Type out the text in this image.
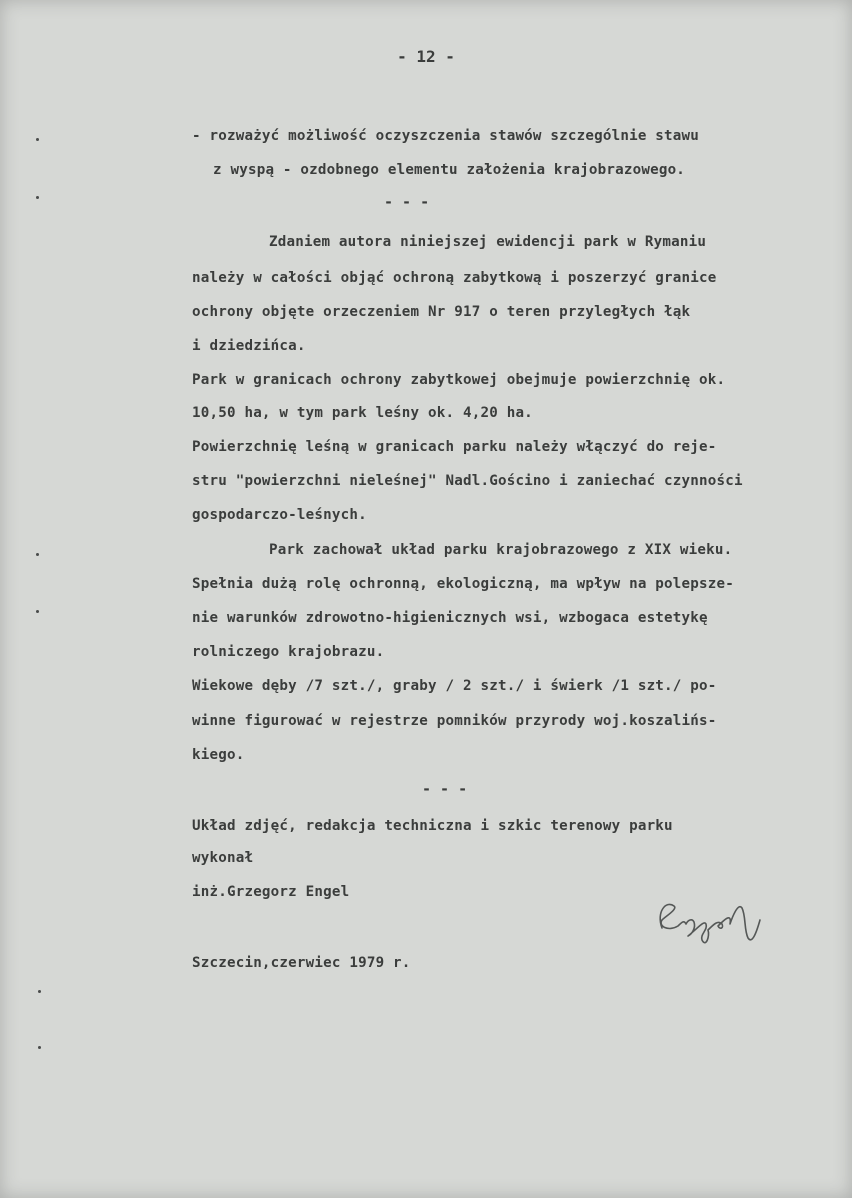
- 12 -
- rozważyć możliwość oczyszczenia stawów szczególnie stawu
z wyspą - ozdobnego elementu założenia krajobrazowego.
- - -
Zdaniem autora niniejszej ewidencji park w Rymaniu
należy w całości objąć ochroną zabytkową i poszerzyć granice
ochrony objęte orzeczeniem Nr 917 o teren przyległych łąk
i dziedzińca.
Park w granicach ochrony zabytkowej obejmuje powierzchnię ok.
10,50 ha, w tym park leśny ok. 4,20 ha.
Powierzchnię leśną w granicach parku należy włączyć do reje-
stru "powierzchni nieleśnej" Nadl.Gościno i zaniechać czynności
gospodarczo-leśnych.
Park zachował układ parku krajobrazowego z XIX wieku.
Spełnia dużą rolę ochronną, ekologiczną, ma wpływ na polepsze-
nie warunków zdrowotno-higienicznych wsi, wzbogaca estetykę
rolniczego krajobrazu.
Wiekowe dęby /7 szt./, graby / 2 szt./ i świerk /1 szt./ po-
winne figurować w rejestrze pomników przyrody woj.koszalińs-
kiego.
- - -
Układ zdjęć, redakcja techniczna i szkic terenowy parku
wykonał
inż.Grzegorz Engel
Szczecin,czerwiec 1979 r.
